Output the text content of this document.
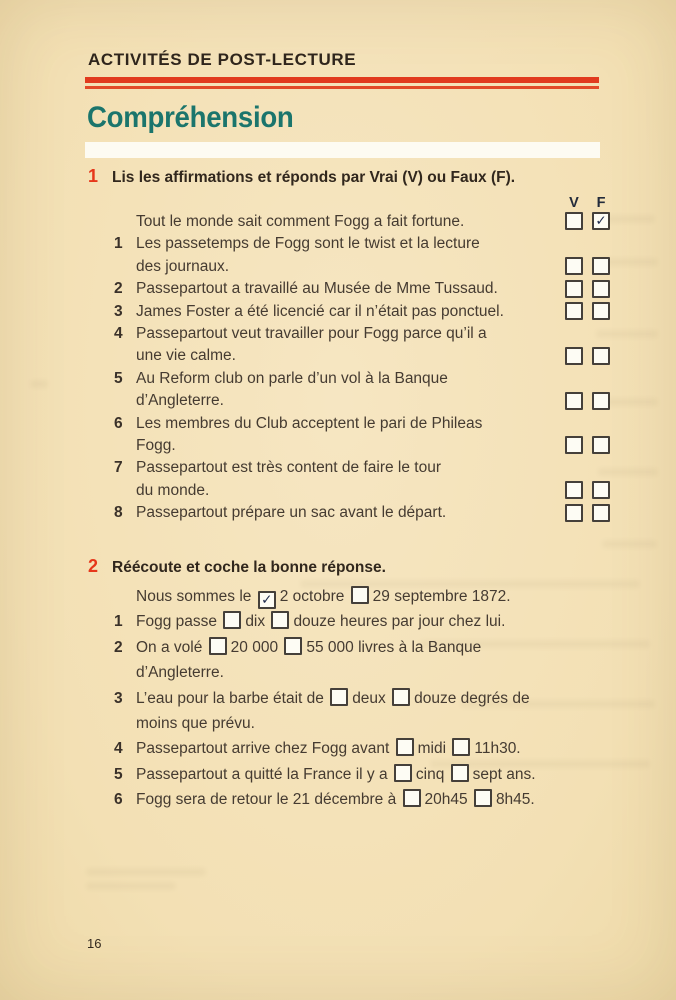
ACTIVITÉS DE POST-LECTURE
Compréhension
1 Lis les affirmations et réponds par Vrai (V) ou Faux (F).
V	F
Tout le monde sait comment Fogg a fait fortune.	✓
1 Les passetemps de Fogg sont le twist et la lecture
des journaux.
2 Passepartout a travaillé au Musée de Mme Tussaud.
3 James Foster a été licencié car il n’était pas ponctuel.
4 Passepartout veut travailler pour Fogg parce qu’il a
une vie calme.
5 Au Reform club on parle d’un vol à la Banque
d’Angleterre.
6 Les membres du Club acceptent le pari de Phileas
Fogg.
7 Passepartout est très content de faire le tour
du monde.
8 Passepartout prépare un sac avant le départ.
2 Réécoute et coche la bonne réponse.
Nous sommes le ✓ 2 octobre 29 septembre 1872.
1 Fogg passe dix douze heures par jour chez lui.
2 On a volé 20 000 55 000 livres à la Banque
d’Angleterre.
3 L’eau pour la barbe était de deux douze degrés de
moins que prévu.
4 Passepartout arrive chez Fogg avant midi 11h30.
5 Passepartout a quitté la France il y a cinq sept ans.
6 Fogg sera de retour le 21 décembre à 20h45 8h45.
16
